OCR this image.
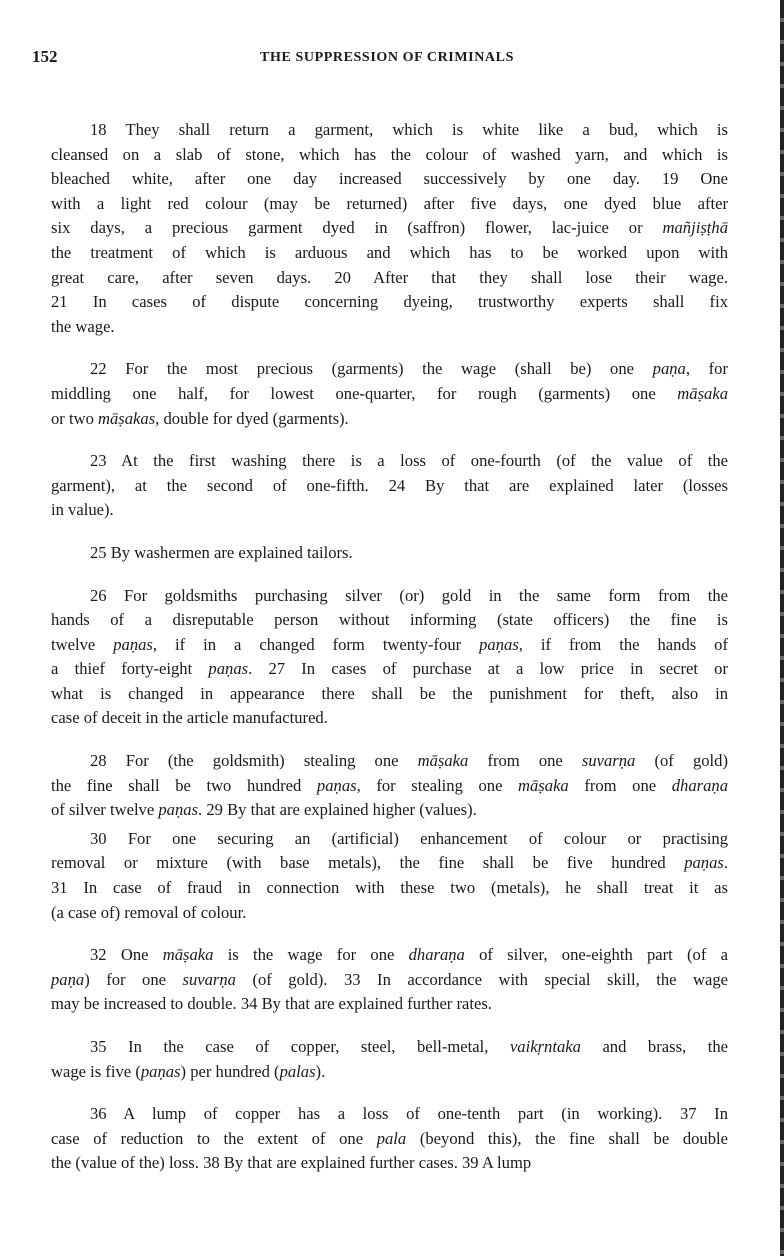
152	THE SUPPRESSION OF CRIMINALS
18 They shall return a garment, which is white like a bud, which is
cleansed on a slab of stone, which has the colour of washed yarn, and which is
bleached white, after one day increased successively by one day. 19 One
with a light red colour (may be returned) after five days, one dyed blue after
six days, a precious garment dyed in (saffron) flower, lac-juice or mañjiṣṭhā
the treatment of which is arduous and which has to be worked upon with
great care, after seven days. 20 After that they shall lose their wage.
21 In cases of dispute concerning dyeing, trustworthy experts shall fix
the wage.
22 For the most precious (garments) the wage (shall be) one paṇa, for
middling one half, for lowest one-quarter, for rough (garments) one māṣaka
or two māṣakas, double for dyed (garments).
23 At the first washing there is a loss of one-fourth (of the value of the
garment), at the second of one-fifth. 24 By that are explained later (losses
in value).
25 By washermen are explained tailors.
26 For goldsmiths purchasing silver (or) gold in the same form from the
hands of a disreputable person without informing (state officers) the fine is
twelve paṇas, if in a changed form twenty-four paṇas, if from the hands of
a thief forty-eight paṇas. 27 In cases of purchase at a low price in secret or
what is changed in appearance there shall be the punishment for theft, also in
case of deceit in the article manufactured.
28 For (the goldsmith) stealing one māṣaka from one suvarṇa (of gold)
the fine shall be two hundred paṇas, for stealing one māṣaka from one dharaṇa
of silver twelve paṇas. 29 By that are explained higher (values).
30 For one securing an (artificial) enhancement of colour or practising
removal or mixture (with base metals), the fine shall be five hundred paṇas.
31 In case of fraud in connection with these two (metals), he shall treat it as
(a case of) removal of colour.
32 One māṣaka is the wage for one dharaṇa of silver, one-eighth part (of a
paṇa) for one suvarṇa (of gold). 33 In accordance with special skill, the wage
may be increased to double. 34 By that are explained further rates.
35 In the case of copper, steel, bell-metal, vaikṛntaka and brass, the
wage is five (paṇas) per hundred (palas).
36 A lump of copper has a loss of one-tenth part (in working). 37 In
case of reduction to the extent of one pala (beyond this), the fine shall be double
the (value of the) loss. 38 By that are explained further cases. 39 A lump
